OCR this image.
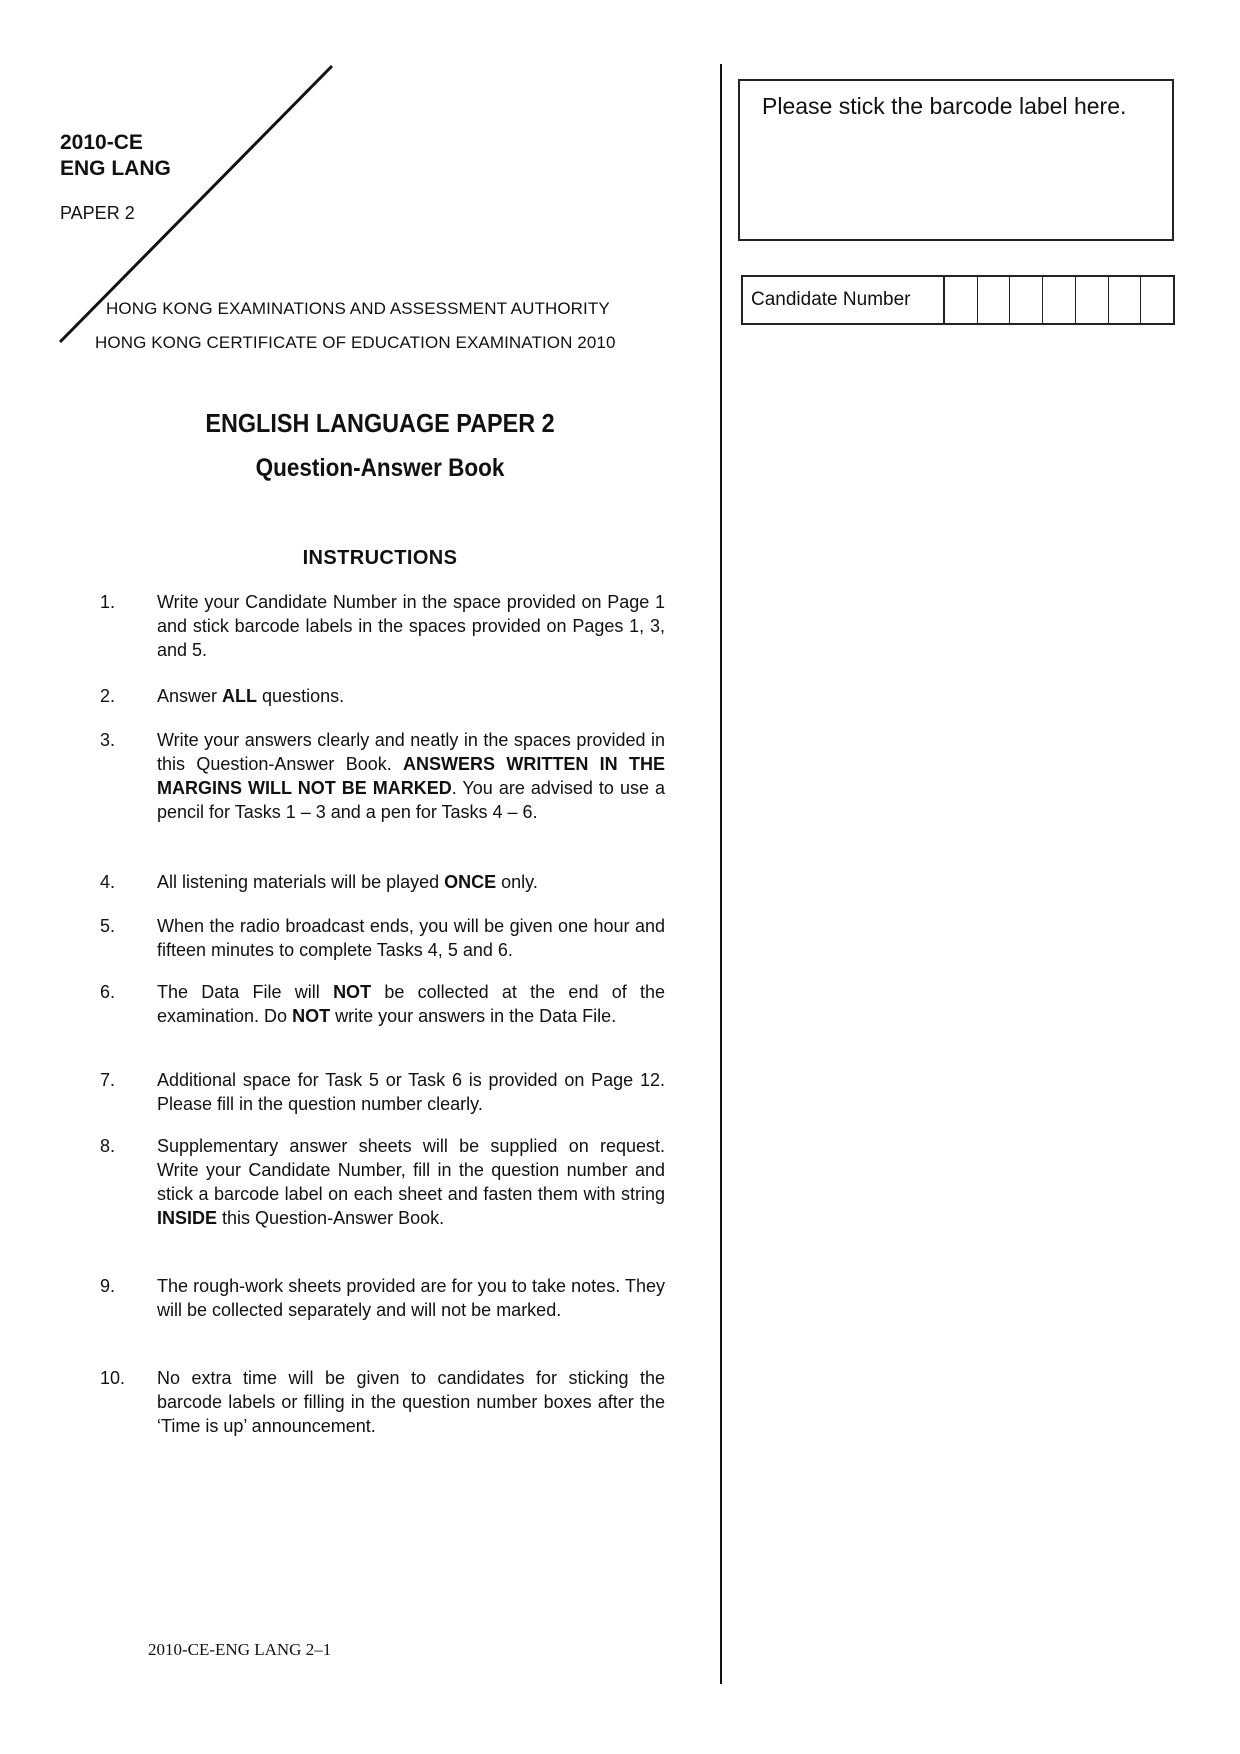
2010-CE
ENG LANG
PAPER 2
HONG KONG EXAMINATIONS AND ASSESSMENT AUTHORITY
HONG KONG CERTIFICATE OF EDUCATION EXAMINATION 2010
ENGLISH LANGUAGE PAPER 2
Question-Answer Book
INSTRUCTIONS
1.	Write your Candidate Number in the space provided on Page 1 and stick barcode labels in the spaces provided on Pages 1, 3, and 5.
2.	Answer ALL questions.
3.	Write your answers clearly and neatly in the spaces provided in this Question-Answer Book. ANSWERS WRITTEN IN THE MARGINS WILL NOT BE MARKED. You are advised to use a pencil for Tasks 1 – 3 and a pen for Tasks 4 – 6.
4.	All listening materials will be played ONCE only.
5.	When the radio broadcast ends, you will be given one hour and fifteen minutes to complete Tasks 4, 5 and 6.
6.	The Data File will NOT be collected at the end of the examination. Do NOT write your answers in the Data File.
7.	Additional space for Task 5 or Task 6 is provided on Page 12. Please fill in the question number clearly.
8.	Supplementary answer sheets will be supplied on request. Write your Candidate Number, fill in the question number and stick a barcode label on each sheet and fasten them with string INSIDE this Question-Answer Book.
9.	The rough-work sheets provided are for you to take notes. They will be collected separately and will not be marked.
10.	No extra time will be given to candidates for sticking the barcode labels or filling in the question number boxes after the ‘Time is up’ announcement.
Please stick the barcode label here.
Candidate Number
2010-CE-ENG LANG 2–1
